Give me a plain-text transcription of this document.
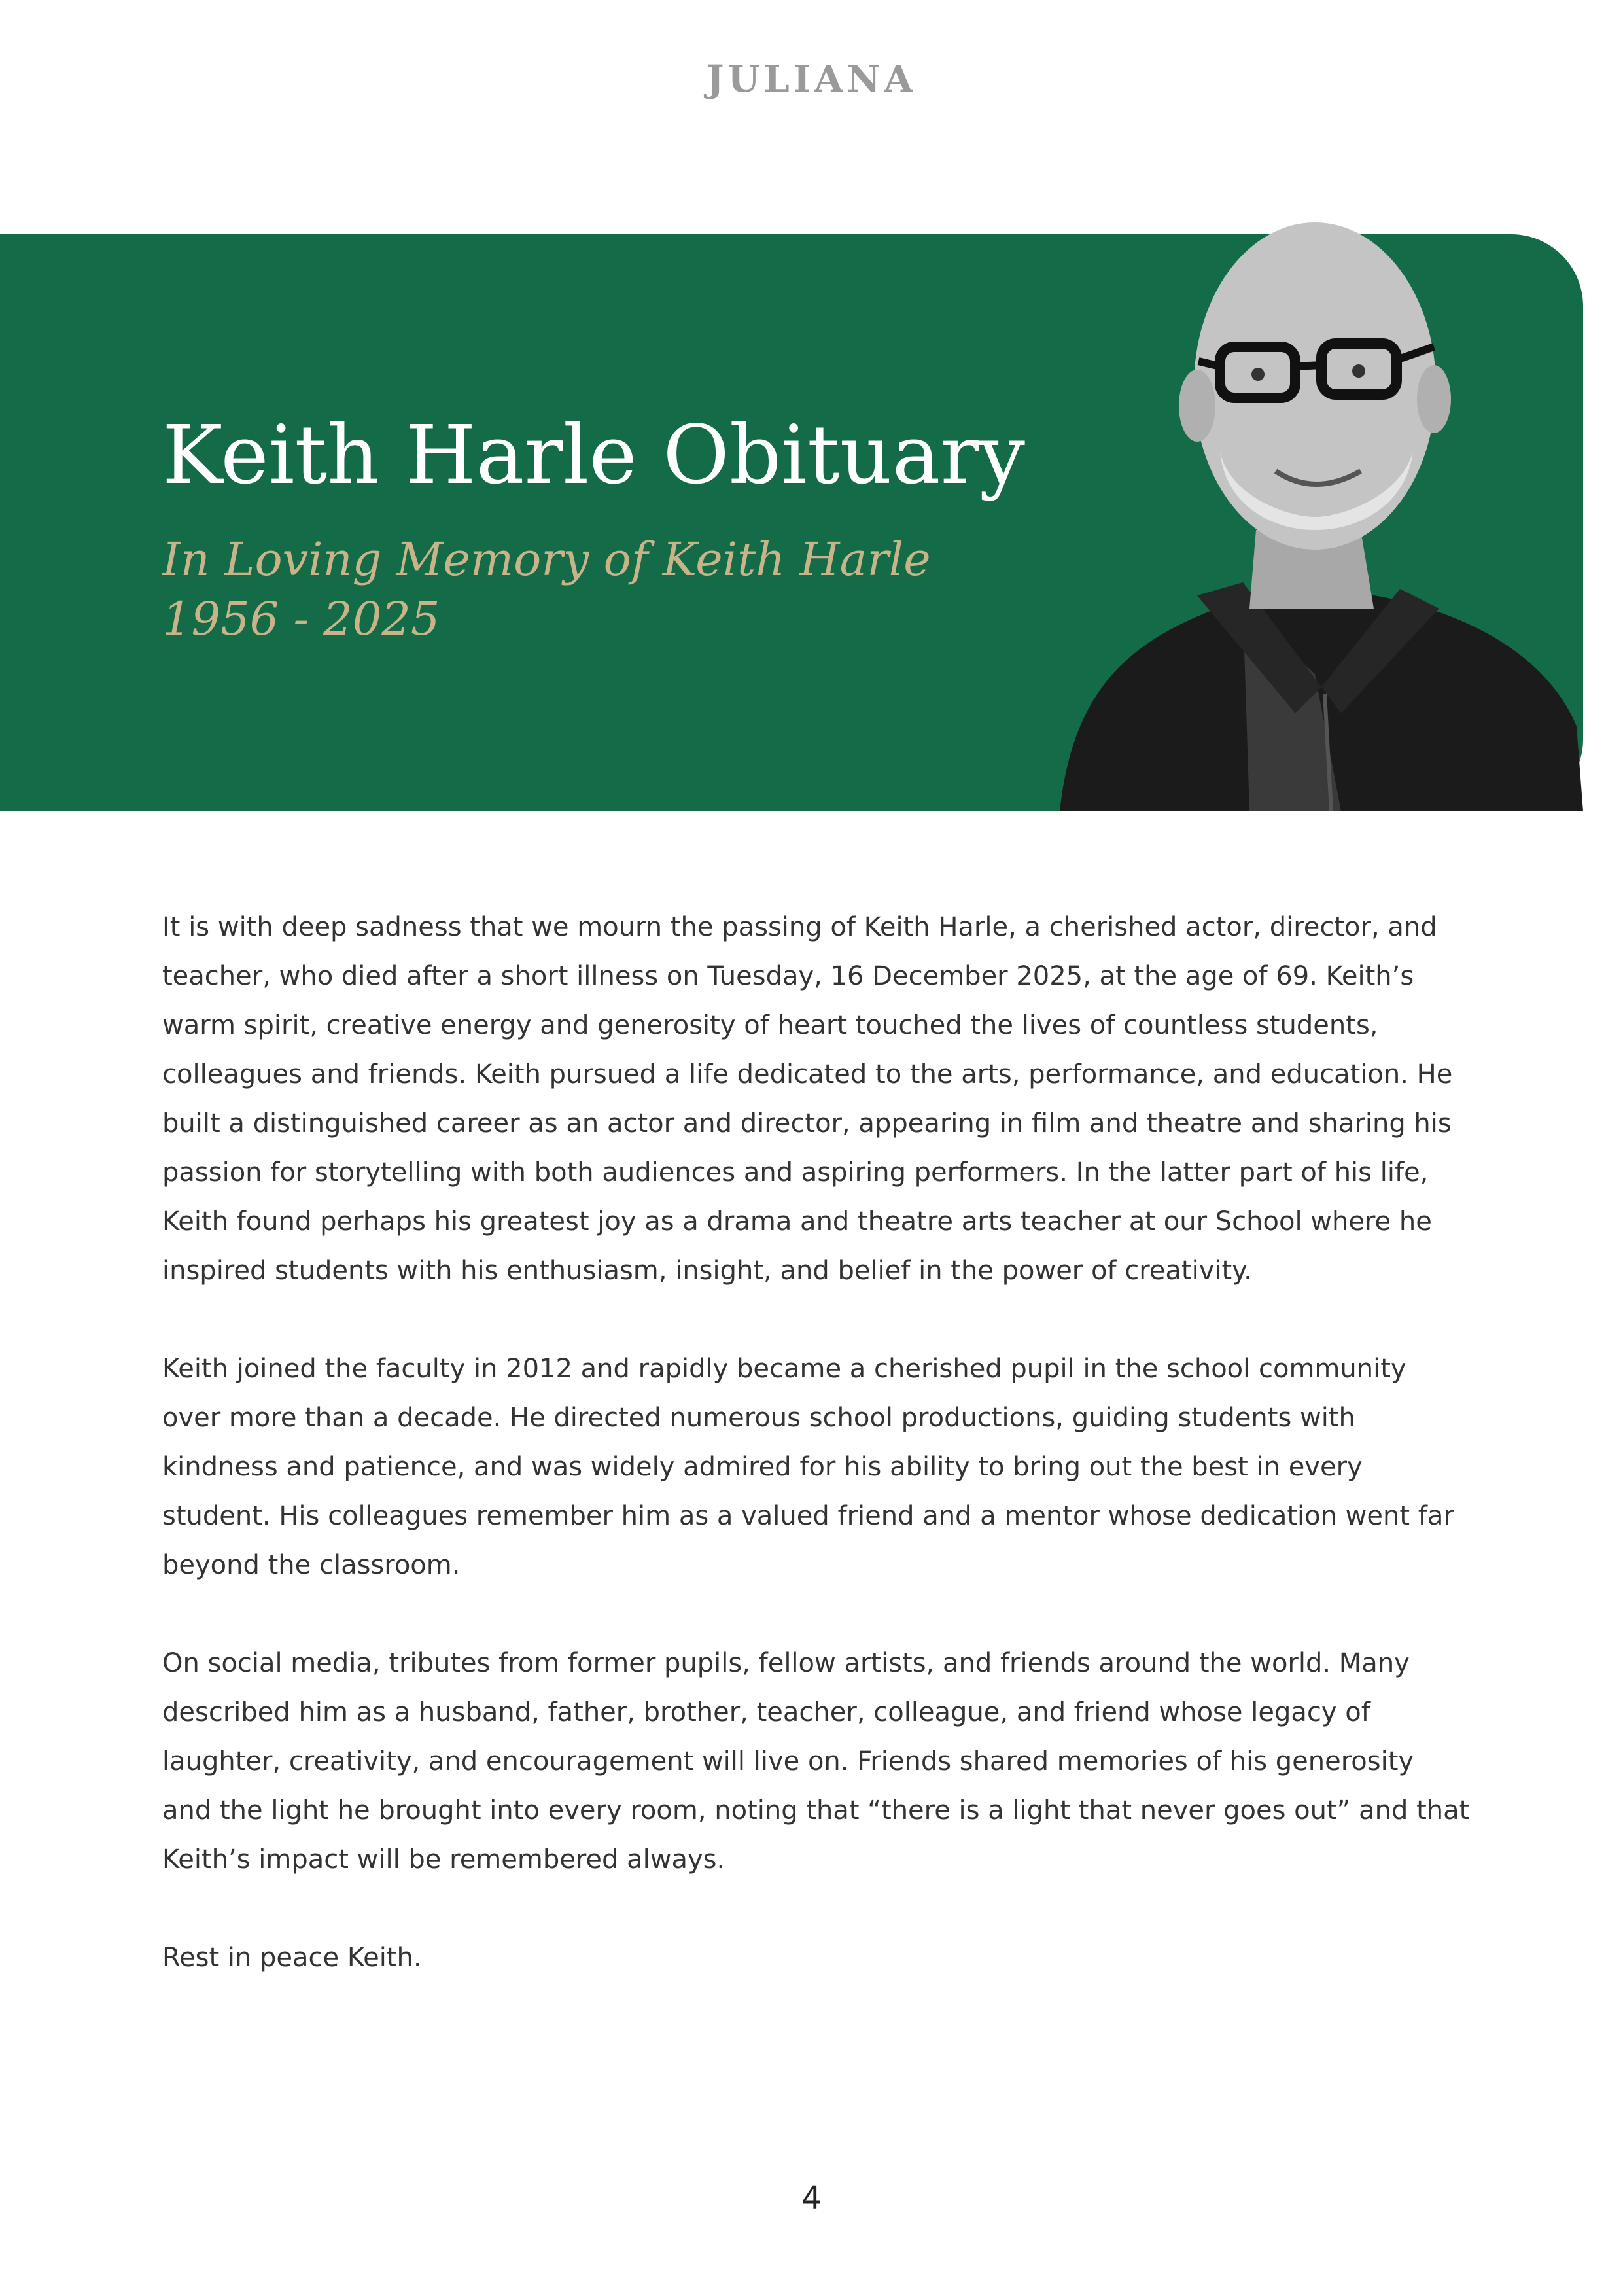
JULIANA
Keith Harle Obituary
In Loving Memory of Keith Harle
1956 - 2025

It is with deep sadness that we mourn the passing of Keith Harle, a cherished actor, director, and teacher, who died after a short illness on Tuesday, 16 December 2025, at the age of 69. Keith’s warm spirit, creative energy and generosity of heart touched the lives of countless students, colleagues and friends. Keith pursued a life dedicated to the arts, performance, and education. He built a distinguished career as an actor and director, appearing in film and theatre and sharing his passion for storytelling with both audiences and aspiring performers. In the latter part of his life, Keith found perhaps his greatest joy as a drama and theatre arts teacher at our School where he inspired students with his enthusiasm, insight, and belief in the power of creativity.

Keith joined the faculty in 2012 and rapidly became a cherished pupil in the school community over more than a decade. He directed numerous school productions, guiding students with kindness and patience, and was widely admired for his ability to bring out the best in every student. His colleagues remember him as a valued friend and a mentor whose dedication went far beyond the classroom.

On social media, tributes from former pupils, fellow artists, and friends around the world. Many described him as a husband, father, brother, teacher, colleague, and friend whose legacy of laughter, creativity, and encouragement will live on. Friends shared memories of his generosity and the light he brought into every room, noting that “there is a light that never goes out” and that Keith’s impact will be remembered always.

Rest in peace Keith.

4
